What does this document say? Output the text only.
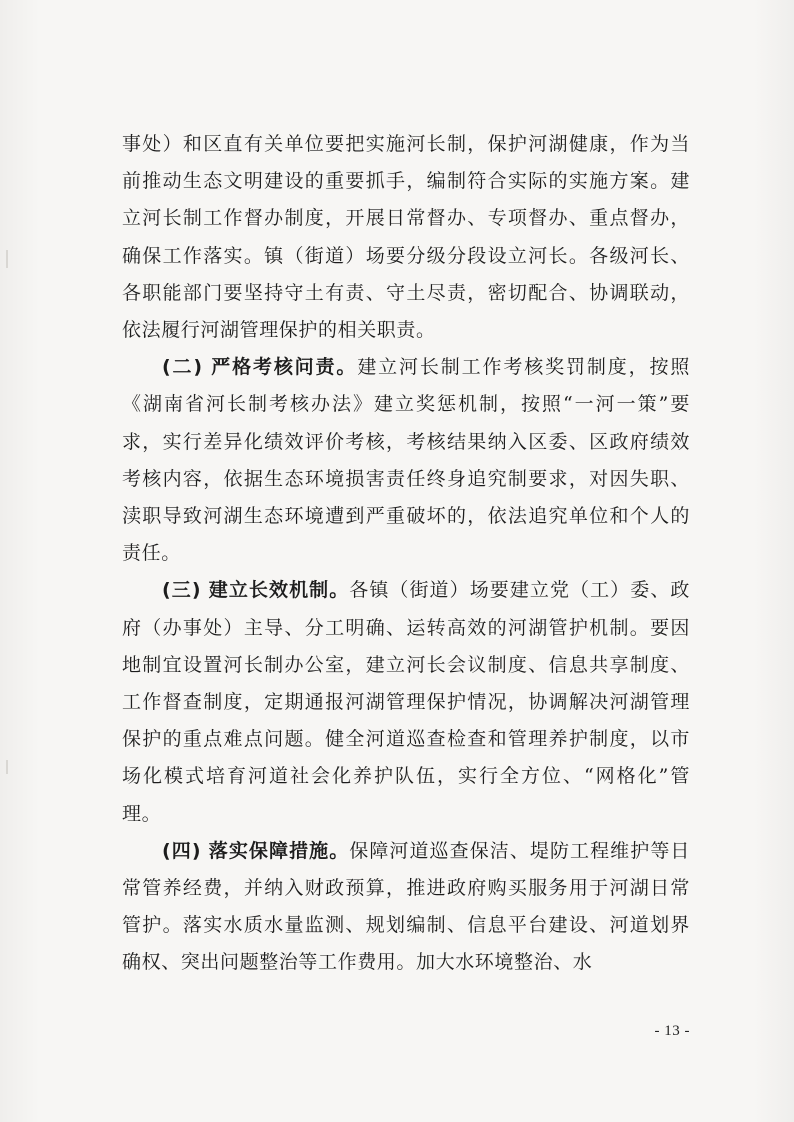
事处）和区直有关单位要把实施河长制，保护河湖健康，作为当前推动生态文明建设的重要抓手，编制符合实际的实施方案。建立河长制工作督办制度，开展日常督办、专项督办、重点督办，确保工作落实。镇（街道）场要分级分段设立河长。各级河长、各职能部门要坚持守土有责、守土尽责，密切配合、协调联动，依法履行河湖管理保护的相关职责。

(二) 严格考核问责。建立河长制工作考核奖罚制度，按照《湖南省河长制考核办法》建立奖惩机制，按照“一河一策”要求，实行差异化绩效评价考核，考核结果纳入区委、区政府绩效考核内容，依据生态环境损害责任终身追究制要求，对因失职、渎职导致河湖生态环境遭到严重破坏的，依法追究单位和个人的责任。

(三) 建立长效机制。各镇（街道）场要建立党（工）委、政府（办事处）主导、分工明确、运转高效的河湖管护机制。要因地制宜设置河长制办公室，建立河长会议制度、信息共享制度、工作督查制度，定期通报河湖管理保护情况，协调解决河湖管理保护的重点难点问题。健全河道巡查检查和管理养护制度，以市场化模式培育河道社会化养护队伍，实行全方位、“网格化”管理。

(四) 落实保障措施。保障河道巡查保洁、堤防工程维护等日常管养经费，并纳入财政预算，推进政府购买服务用于河湖日常管护。落实水质水量监测、规划编制、信息平台建设、河道划界确权、突出问题整治等工作费用。加大水环境整治、水

- 13 -
